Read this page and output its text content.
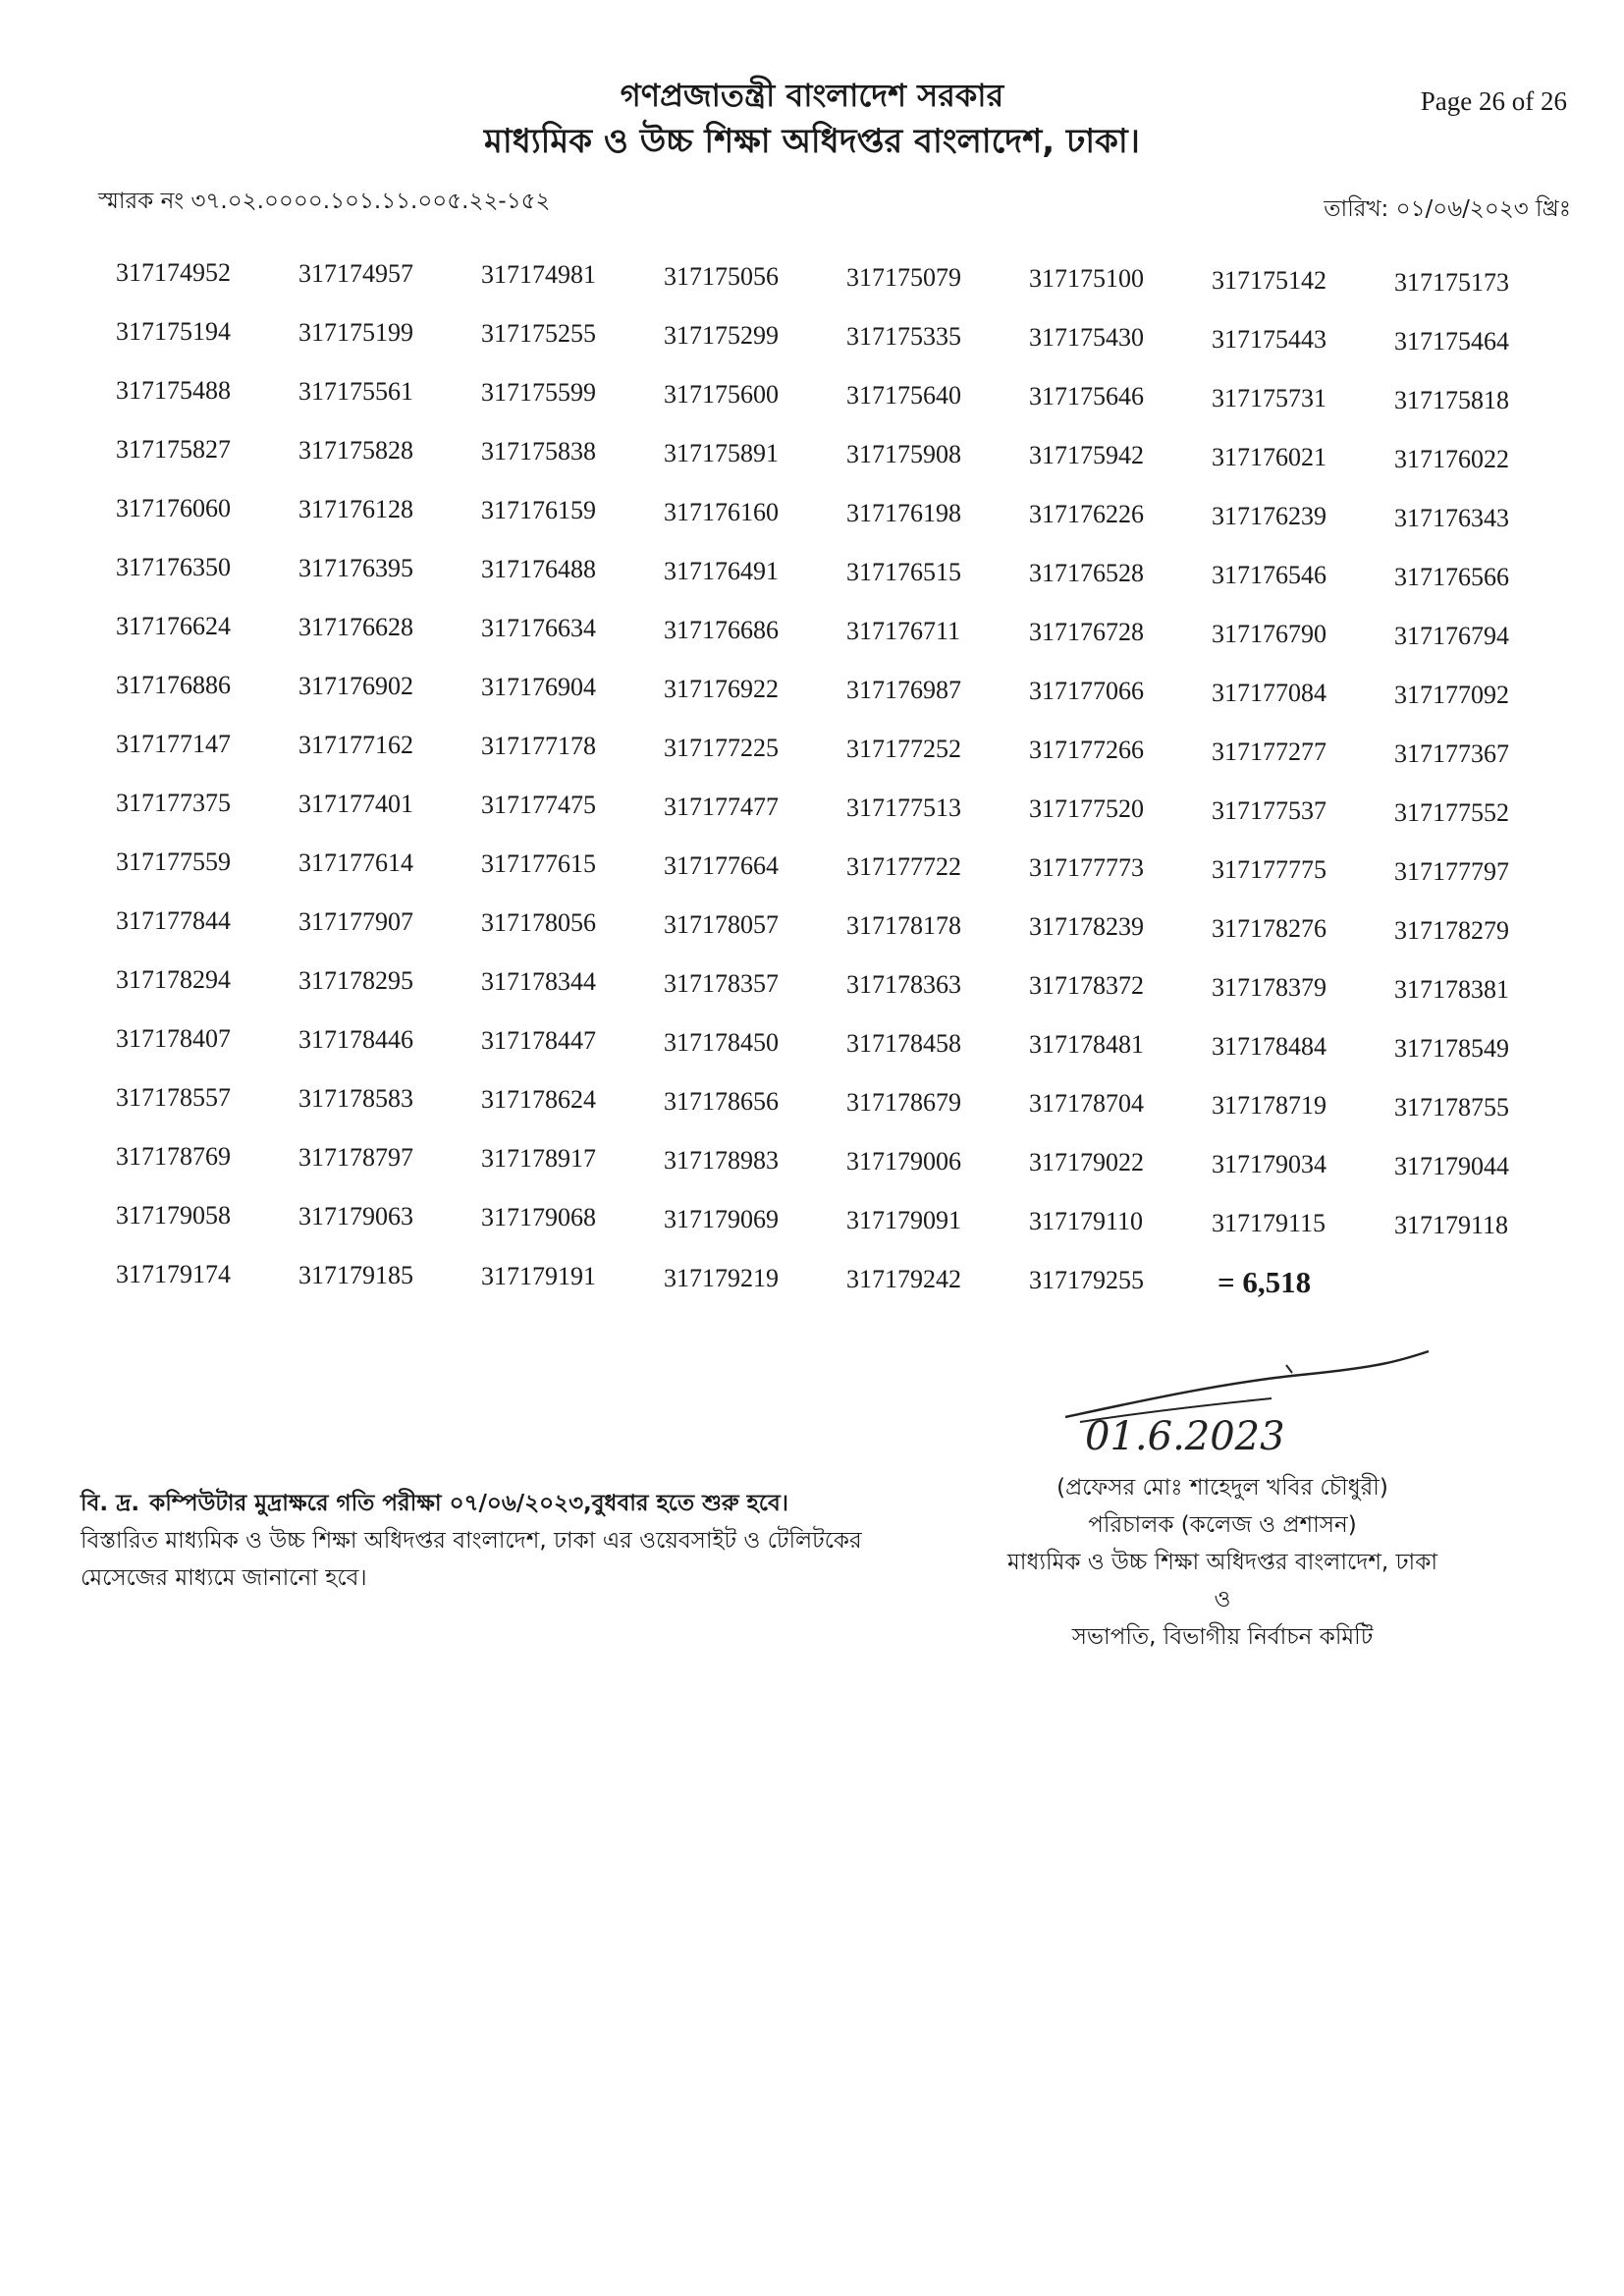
গণপ্রজাতন্ত্রী বাংলাদেশ সরকার
মাধ্যমিক ও উচ্চ শিক্ষা অধিদপ্তর বাংলাদেশ, ঢাকা।
Page 26 of 26
স্মারক নং ৩৭.০২.০০০০.১০১.১১.০০৫.২২-১৫২	তারিখ: ০১/০৬/২০২৩ খ্রিঃ
317174952	317174957	317174981	317175056	317175079	317175100	317175142	317175173
317175194	317175199	317175255	317175299	317175335	317175430	317175443	317175464
317175488	317175561	317175599	317175600	317175640	317175646	317175731	317175818
317175827	317175828	317175838	317175891	317175908	317175942	317176021	317176022
317176060	317176128	317176159	317176160	317176198	317176226	317176239	317176343
317176350	317176395	317176488	317176491	317176515	317176528	317176546	317176566
317176624	317176628	317176634	317176686	317176711	317176728	317176790	317176794
317176886	317176902	317176904	317176922	317176987	317177066	317177084	317177092
317177147	317177162	317177178	317177225	317177252	317177266	317177277	317177367
317177375	317177401	317177475	317177477	317177513	317177520	317177537	317177552
317177559	317177614	317177615	317177664	317177722	317177773	317177775	317177797
317177844	317177907	317178056	317178057	317178178	317178239	317178276	317178279
317178294	317178295	317178344	317178357	317178363	317178372	317178379	317178381
317178407	317178446	317178447	317178450	317178458	317178481	317178484	317178549
317178557	317178583	317178624	317178656	317178679	317178704	317178719	317178755
317178769	317178797	317178917	317178983	317179006	317179022	317179034	317179044
317179058	317179063	317179068	317179069	317179091	317179110	317179115	317179118
317179174	317179185	317179191	317179219	317179242	317179255	= 6,518
বি. দ্র. কম্পিউটার মুদ্রাক্ষরে গতি পরীক্ষা ০৭/০৬/২০২৩,বুধবার হতে শুরু হবে।
বিস্তারিত মাধ্যমিক ও উচ্চ শিক্ষা অধিদপ্তর বাংলাদেশ, ঢাকা এর ওয়েবসাইট ও টেলিটকের
মেসেজের মাধ্যমে জানানো হবে।
01.6.2023
(প্রফেসর মোঃ শাহেদুল খবির চৌধুরী)
পরিচালক (কলেজ ও প্রশাসন)
মাধ্যমিক ও উচ্চ শিক্ষা অধিদপ্তর বাংলাদেশ, ঢাকা
ও
সভাপতি, বিভাগীয় নির্বাচন কমিটি
